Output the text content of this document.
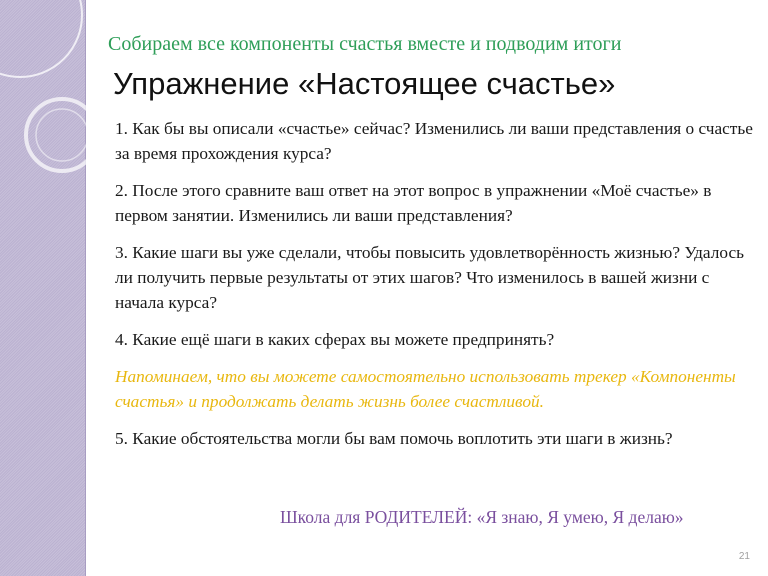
Собираем все компоненты счастья вместе и подводим итоги
Упражнение «Настоящее счастье»

1. Как бы вы описали «счастье» сейчас? Изменились ли ваши представления о счастье за время прохождения курса?

2. После этого сравните ваш ответ на этот вопрос в упражнении «Моё счастье» в первом занятии. Изменились ли ваши представления?

3. Какие шаги вы уже сделали, чтобы повысить удовлетворённость жизнью? Удалось ли получить первые результаты от этих шагов? Что изменилось в вашей жизни с начала курса?

4. Какие ещё шаги в каких сферах вы можете предпринять?

Напоминаем, что вы можете самостоятельно использовать трекер «Компоненты счастья» и продолжать делать жизнь более счастливой.

5. Какие обстоятельства могли бы вам помочь воплотить эти шаги в жизнь?

Школа для РОДИТЕЛЕЙ: «Я знаю, Я умею, Я делаю»
21
